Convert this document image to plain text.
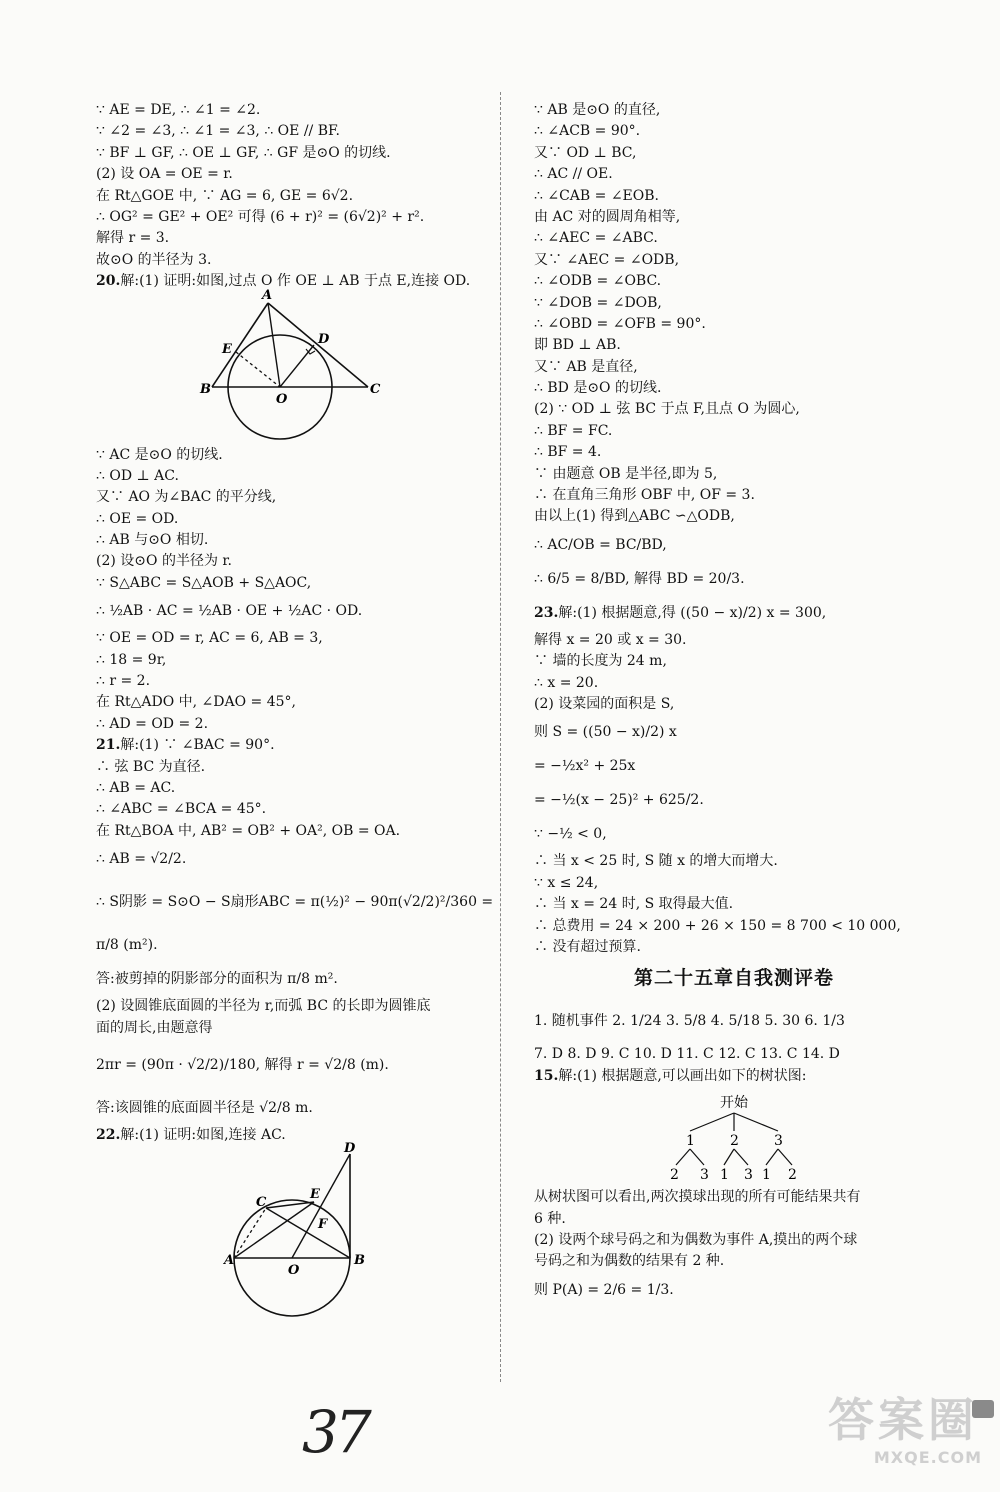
∵ AE = DE, ∴ ∠1 = ∠2.
∵ ∠2 = ∠3, ∴ ∠1 = ∠3, ∴ OE // BF.
∵ BF ⊥ GF, ∴ OE ⊥ GF, ∴ GF 是⊙O 的切线.
(2) 设 OA = OE = r.
在 Rt△GOE 中, ∵ AG = 6, GE = 6√2.
∴ OG² = GE² + OE² 可得 (6 + r)² = (6√2)² + r².
解得 r = 3.
故⊙O 的半径为 3.
20.解:(1) 证明:如图,过点 O 作 OE ⊥ AB 于点 E,连接 OD.
A
D
E
B
O
C
∵ AC 是⊙O 的切线.
∴ OD ⊥ AC.
又∵ AO 为∠BAC 的平分线,
∴ OE = OD.
∴ AB 与⊙O 相切.
(2) 设⊙O 的半径为 r.
∵ S△ABC = S△AOB + S△AOC,
∴ ½AB · AC = ½AB · OE + ½AC · OD.
∵ OE = OD = r, AC = 6, AB = 3,
∴ 18 = 9r,
∴ r = 2.
在 Rt△ADO 中, ∠DAO = 45°,
∴ AD = OD = 2.
21.解:(1) ∵ ∠BAC = 90°.
∴ 弦 BC 为直径.
∴ AB = AC.
∴ ∠ABC = ∠BCA = 45°.
在 Rt△BOA 中, AB² = OB² + OA², OB = OA.
∴ AB = √2/2.
∴ S阴影 = S⊙O − S扇形ABC = π(½)² − 90π(√2/2)²/360 =
π/8 (m²).
答:被剪掉的阴影部分的面积为 π/8 m².
(2) 设圆锥底面圆的半径为 r,而弧 BC 的长即为圆锥底
面的周长,由题意得
2πr = (90π · √2/2)/180, 解得 r = √2/8 (m).
答:该圆锥的底面圆半径是 √2/8 m.
22.解:(1) 证明:如图,连接 AC.
D
C
E
F
A
O
B
∵ AB 是⊙O 的直径,
∴ ∠ACB = 90°.
又∵ OD ⊥ BC,
∴ AC // OE.
∴ ∠CAB = ∠EOB.
由 AC 对的圆周角相等,
∴ ∠AEC = ∠ABC.
又∵ ∠AEC = ∠ODB,
∴ ∠ODB = ∠OBC.
∵ ∠DOB = ∠DOB,
∴ ∠OBD = ∠OFB = 90°.
即 BD ⊥ AB.
又∵ AB 是直径,
∴ BD 是⊙O 的切线.
(2) ∵ OD ⊥ 弦 BC 于点 F,且点 O 为圆心,
∴ BF = FC.
∴ BF = 4.
∵ 由题意 OB 是半径,即为 5,
∴ 在直角三角形 OBF 中, OF = 3.
由以上(1) 得到△ABC ∽△ODB,
∴ AC/OB = BC/BD,
∴ 6/5 = 8/BD, 解得 BD = 20/3.
23.解:(1) 根据题意,得 ((50 − x)/2) x = 300,
解得 x = 20 或 x = 30.
∵ 墙的长度为 24 m,
∴ x = 20.
(2) 设菜园的面积是 S,
则 S = ((50 − x)/2) x
= −½x² + 25x
= −½(x − 25)² + 625/2.
∵ −½ < 0,
∴ 当 x < 25 时, S 随 x 的增大而增大.
∵ x ≤ 24,
∴ 当 x = 24 时, S 取得最大值.
∴ 总费用 = 24 × 200 + 26 × 150 = 8 700 < 10 000,
∴ 没有超过预算.
第二十五章自我测评卷
1. 随机事件 2. 1/24 3. 5/8 4. 5/18 5. 30 6. 1/3
7. D 8. D 9. C 10. D 11. C 12. C 13. C 14. D
15.解:(1) 根据题意,可以画出如下的树状图:
开始
1	2	3
2 3 1 3 1 2
从树状图可以看出,两次摸球出现的所有可能结果共有
6 种.
(2) 设两个球号码之和为偶数为事件 A,摸出的两个球
号码之和为偶数的结果有 2 种.
则 P(A) = 2/6 = 1/3.
37	答案圈
MXQE.COM
